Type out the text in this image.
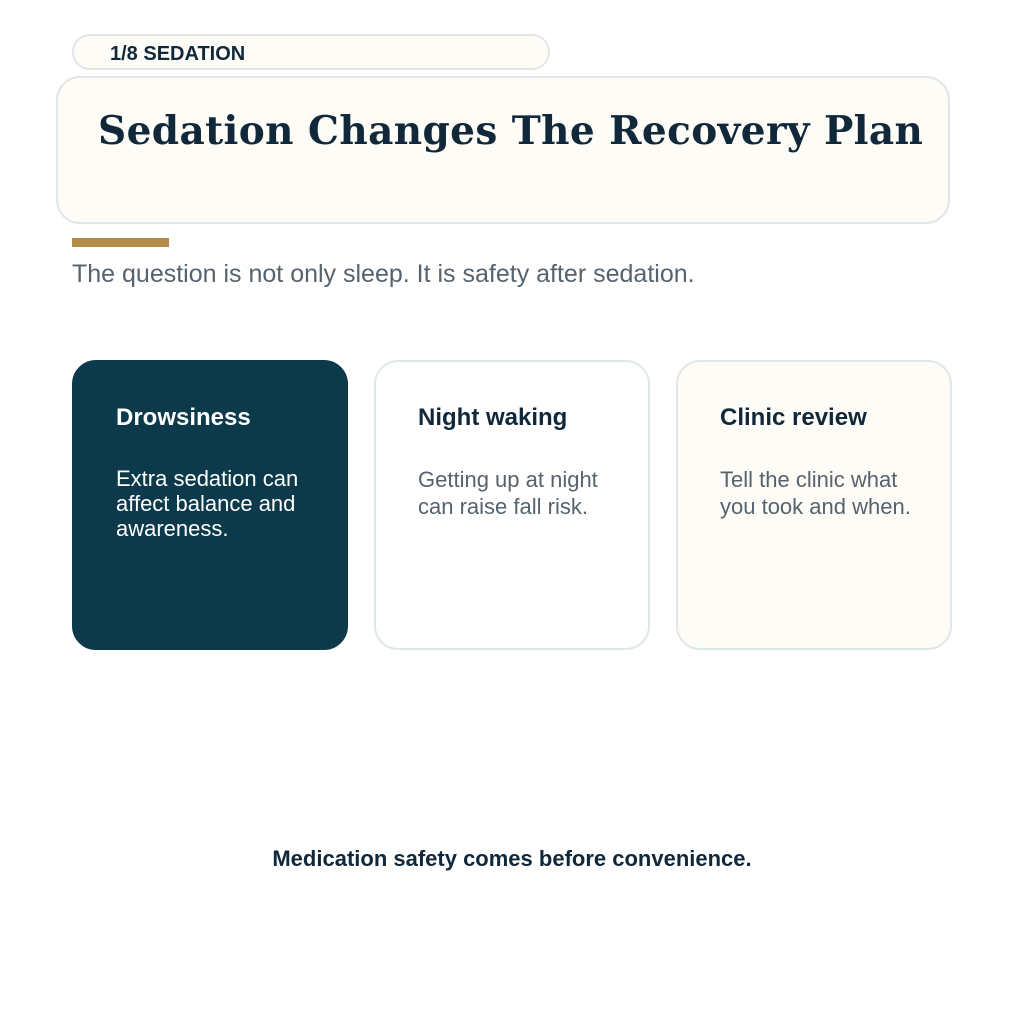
1/8 SEDATION
Sedation Changes The Recovery Plan

The question is not only sleep. It is safety after sedation.

Drowsiness

Extra sedation can affect balance and awareness.

Night waking

Getting up at night can raise fall risk.

Clinic review

Tell the clinic what you took and when.

Medication safety comes before convenience.
